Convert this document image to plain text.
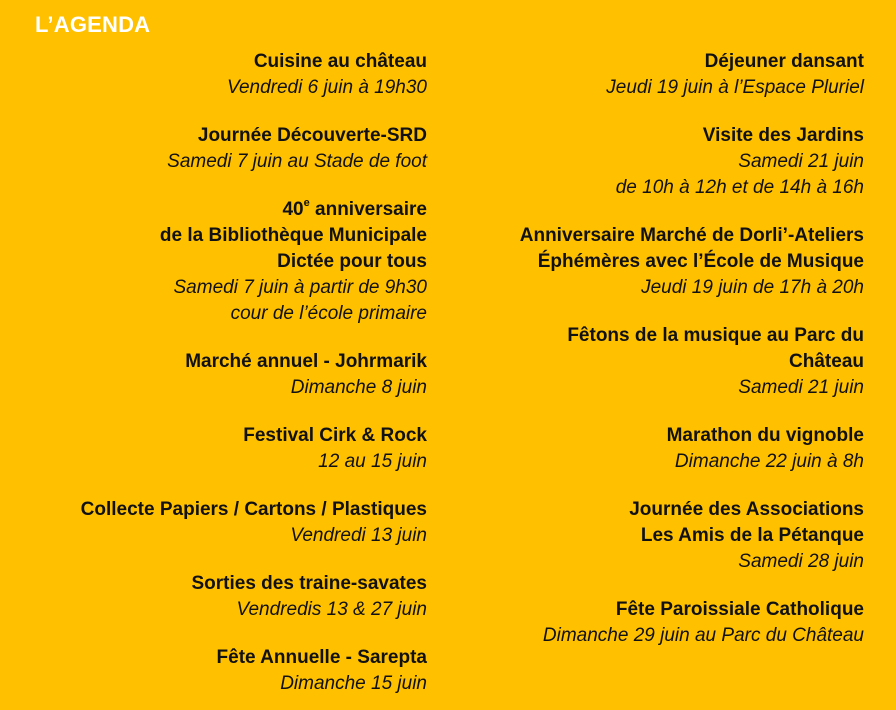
L’AGENDA
Cuisine au château
Vendredi 6 juin à 19h30
Journée Découverte-SRD
Samedi 7 juin au Stade de foot
40e anniversaire
de la Bibliothèque Municipale
Dictée pour tous
Samedi 7 juin à partir de 9h30
cour de l’école primaire
Marché annuel - Johrmarik
Dimanche 8 juin
Festival Cirk & Rock
12 au 15 juin
Collecte Papiers / Cartons / Plastiques
Vendredi 13 juin
Sorties des traine-savates
Vendredis 13 & 27 juin
Fête Annuelle - Sarepta
Dimanche 15 juin
Déjeuner dansant
Jeudi 19 juin à l’Espace Pluriel
Visite des Jardins
Samedi 21 juin
de 10h à 12h et de 14h à 16h
Anniversaire Marché de Dorli’-Ateliers
Éphémères avec l’École de Musique
Jeudi 19 juin de 17h à 20h
Fêtons de la musique au Parc du
Château
Samedi 21 juin
Marathon du vignoble
Dimanche 22 juin à 8h
Journée des Associations
Les Amis de la Pétanque
Samedi 28 juin
Fête Paroissiale Catholique
Dimanche 29 juin au Parc du Château
